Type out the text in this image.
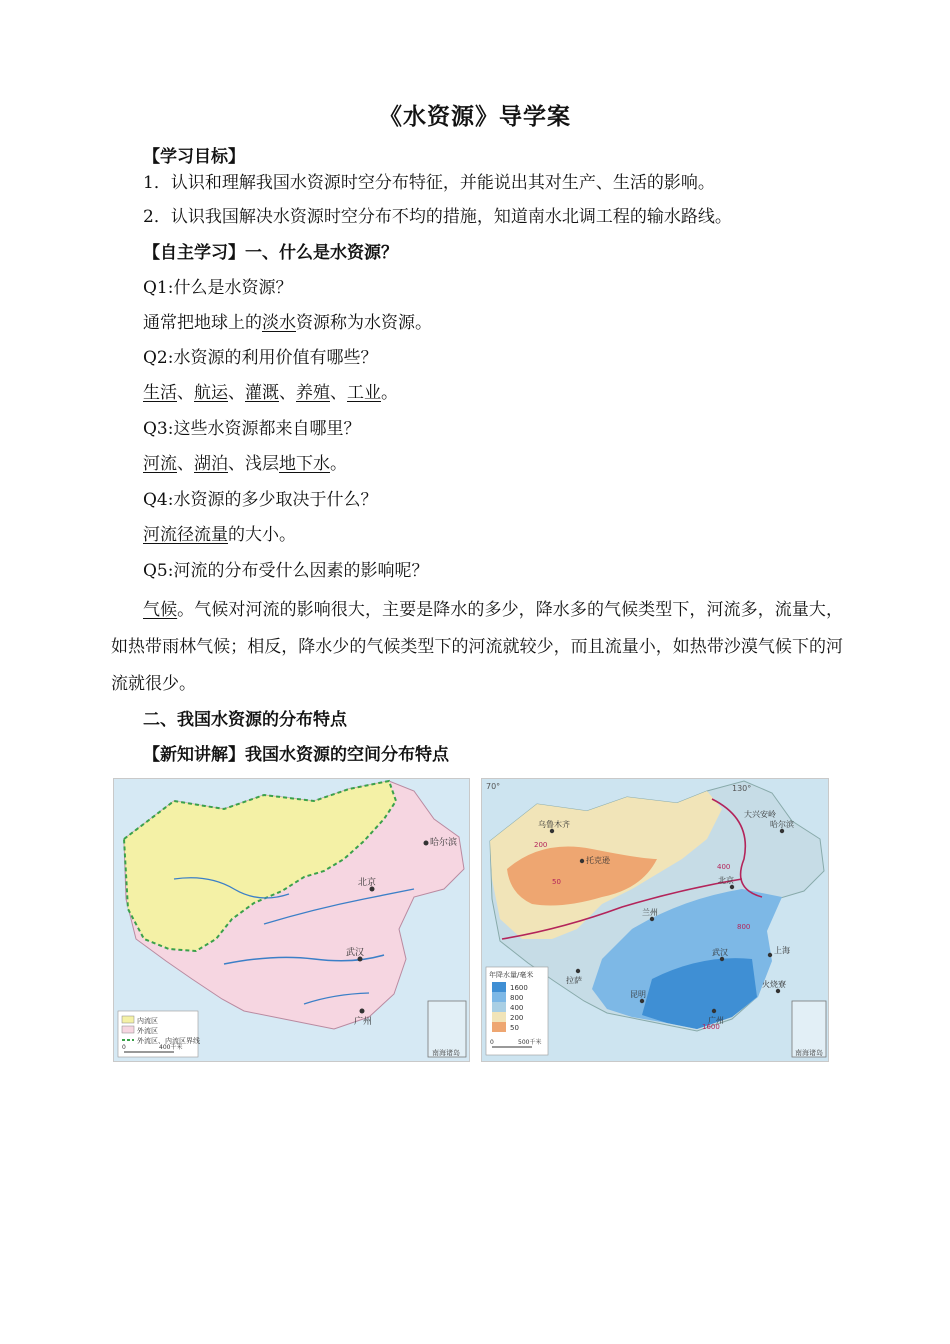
《水资源》导学案
【学习目标】
1．认识和理解我国水资源时空分布特征，并能说出其对生产、生活的影响。
2．认识我国解决水资源时空分布不均的措施，知道南水北调工程的输水路线。
【自主学习】一、什么是水资源？
Q1:什么是水资源？
通常把地球上的淡水资源称为水资源。
Q2:水资源的利用价值有哪些？
生活、航运、灌溉、养殖、工业。
Q3:这些水资源都来自哪里？
河流、湖泊、浅层地下水。
Q4:水资源的多少取决于什么？
河流径流量的大小。
Q5:河流的分布受什么因素的影响呢？
气候。气候对河流的影响很大，主要是降水的多少，降水多的气候类型下，河流多，流量大，如热带雨林气候；相反，降水少的气候类型下的河流就较少，而且流量小，如热带沙漠气候下的河流就很少。
二、我国水资源的分布特点
【新知讲解】我国水资源的空间分布特点
哈尔滨
北京
武汉
广州
南海诸岛
内流区
外流区
外流区、内流区界线
0	400千米
大兴安岭
130°
70°
200
400
800
1600
50
乌鲁木齐
托克逊
哈尔滨
北京
兰州
武汉	上海
拉萨
昆明
广州
火烧寮
南海诸岛
年降水量/毫米
1600
800
400
200
50
0	500千米
